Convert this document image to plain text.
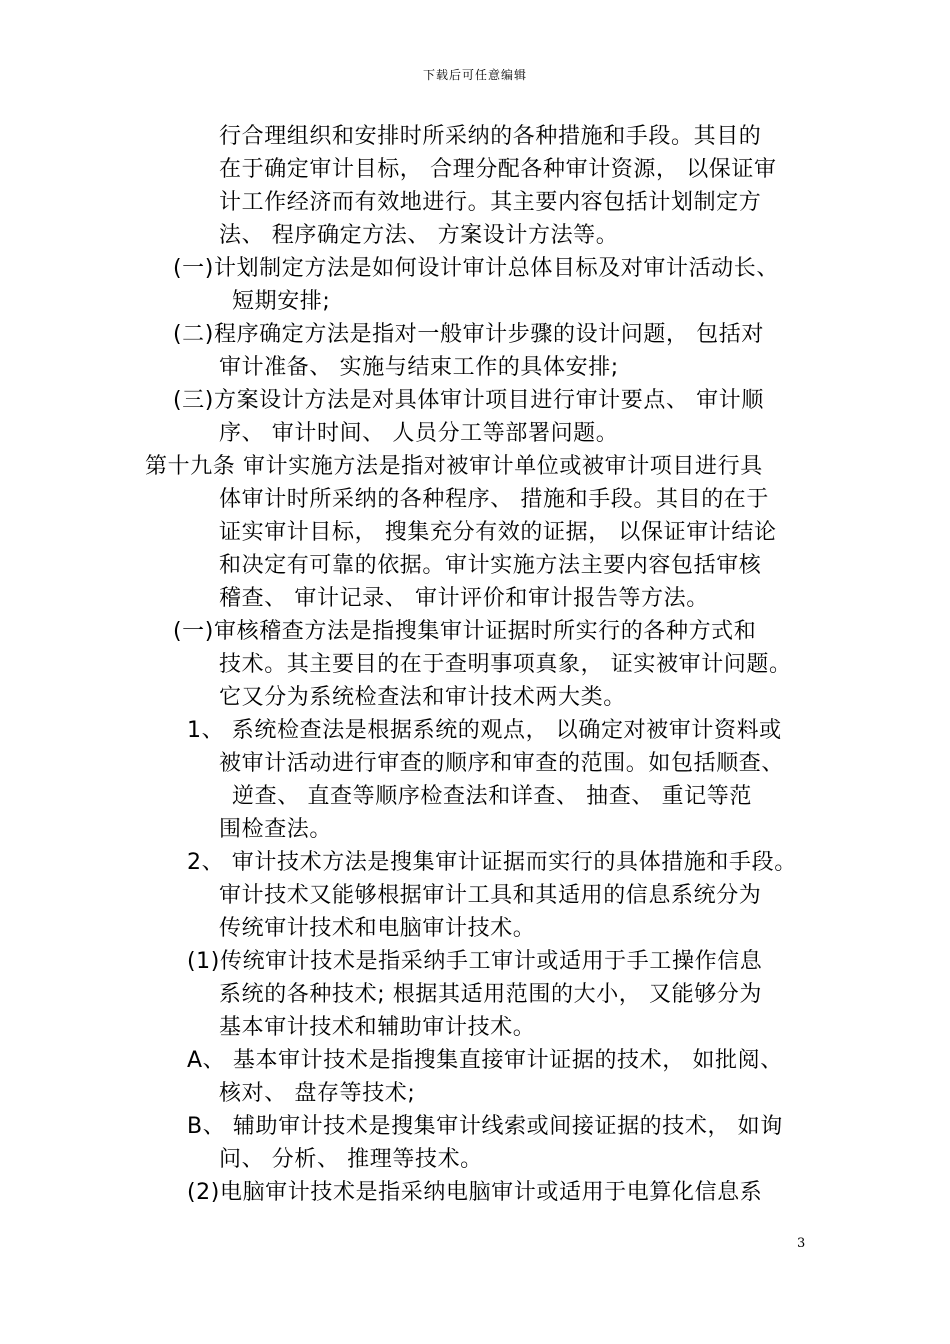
下载后可任意编辑
行合理组织和安排时所采纳的各种措施和手段。其目的
在于确定审计目标， 合理分配各种审计资源， 以保证审
计工作经济而有效地进行。其主要内容包括计划制定方
法、 程序确定方法、 方案设计方法等。
(一)计划制定方法是如何设计审计总体目标及对审计活动长、
短期安排;
(二)程序确定方法是指对一般审计步骤的设计问题， 包括对
审计准备、 实施与结束工作的具体安排;
(三)方案设计方法是对具体审计项目进行审计要点、 审计顺
序、 审计时间、 人员分工等部署问题。
第十九条 审计实施方法是指对被审计单位或被审计项目进行具
体审计时所采纳的各种程序、 措施和手段。其目的在于
证实审计目标， 搜集充分有效的证据， 以保证审计结论
和决定有可靠的依据。审计实施方法主要内容包括审核
稽查、 审计记录、 审计评价和审计报告等方法。
(一)审核稽查方法是指搜集审计证据时所实行的各种方式和
技术。其主要目的在于查明事项真象， 证实被审计问题。
它又分为系统检查法和审计技术两大类。
1、 系统检查法是根据系统的观点， 以确定对被审计资料或
被审计活动进行审查的顺序和审查的范围。如包括顺查、
逆查、 直查等顺序检查法和详查、 抽查、 重记等范
围检查法。
2、 审计技术方法是搜集审计证据而实行的具体措施和手段。
审计技术又能够根据审计工具和其适用的信息系统分为
传统审计技术和电脑审计技术。
(1)传统审计技术是指采纳手工审计或适用于手工操作信息
系统的各种技术; 根据其适用范围的大小， 又能够分为
基本审计技术和辅助审计技术。
A、 基本审计技术是指搜集直接审计证据的技术， 如批阅、
核对、 盘存等技术;
B、 辅助审计技术是搜集审计线索或间接证据的技术， 如询
问、 分析、 推理等技术。
(2)电脑审计技术是指采纳电脑审计或适用于电算化信息系
3
